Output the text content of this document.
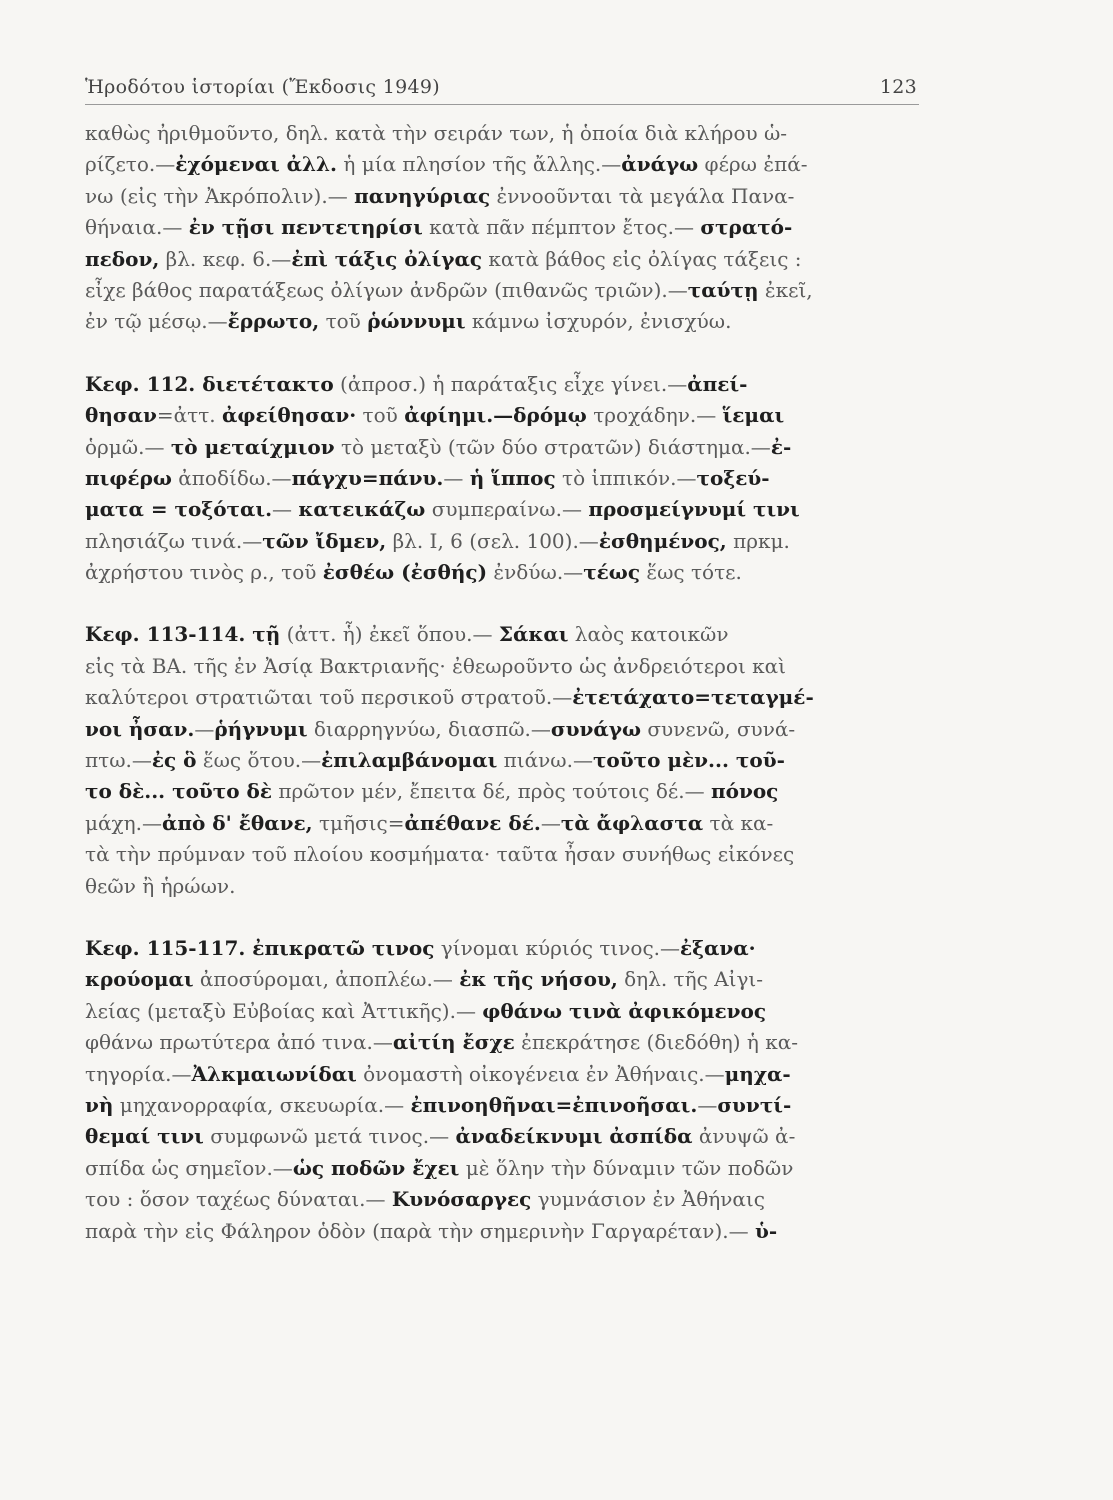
Ἡροδότου ἱστορίαι (Ἔκδοσις 1949)	123
καθὼς ἠριθμοῦντο, δηλ. κατὰ τὴν σειράν των, ἡ ὁποία διὰ κλήρου ὡ-
ρίζετο.—ἐχόμεναι ἀλλ. ἡ μία πλησίον τῆς ἄλλης.—ἀνάγω φέρω ἐπά-
νω (εἰς τὴν Ἀκρόπολιν).— πανηγύριας ἐννοοῦνται τὰ μεγάλα Πανα-
θήναια.— ἐν τῇσι πεντετηρίσι κατὰ πᾶν πέμπτον ἔτος.— στρατό-
πεδον, βλ. κεφ. 6.—ἐπὶ τάξις ὀλίγας κατὰ βάθος εἰς ὀλίγας τάξεις :
εἶχε βάθος παρατάξεως ὀλίγων ἀνδρῶν (πιθανῶς τριῶν).—ταύτῃ ἐκεῖ,
ἐν τῷ μέσῳ.—ἔρρωτο, τοῦ ῥώννυμι κάμνω ἰσχυρόν, ἐνισχύω.
Κεφ. 112. διετέτακτο (ἀπροσ.) ἡ παράταξις εἶχε γίνει.—ἀπεί-
θησαν=ἀττ. ἀφείθησαν· τοῦ ἀφίημι.—δρόμῳ τροχάδην.— ἵεμαι
ὁρμῶ.— τὸ μεταίχμιον τὸ μεταξὺ (τῶν δύο στρατῶν) διάστημα.—ἐ-
πιφέρω ἀποδίδω.—πάγχυ=πάνυ.— ἡ ἵππος τὸ ἱππικόν.—τοξεύ-
ματα = τοξόται.— κατεικάζω συμπεραίνω.— προσμείγνυμί τινι
πλησιάζω τινά.—τῶν ἴδμεν, βλ. I, 6 (σελ. 100).—ἐσθημένος, πρκμ.
ἀχρήστου τινὸς ρ., τοῦ ἐσθέω (ἐσθής) ἐνδύω.—τέως ἕως τότε.
Κεφ. 113-114. τῇ (ἀττ. ἧ) ἐκεῖ ὅπου.— Σάκαι λαὸς κατοικῶν
εἰς τὰ ΒΑ. τῆς ἐν Ἀσίᾳ Βακτριανῆς· ἐθεωροῦντο ὡς ἀνδρειότεροι καὶ
καλύτεροι στρατιῶται τοῦ περσικοῦ στρατοῦ.—ἐτετάχατο=τεταγμέ-
νοι ἦσαν.—ῥήγνυμι διαρρηγνύω, διασπῶ.—συνάγω συνενῶ, συνά-
πτω.—ἐς ὃ ἕως ὅτου.—ἐπιλαμβάνομαι πιάνω.—τοῦτο μὲν... τοῦ-
το δὲ... τοῦτο δὲ πρῶτον μέν, ἔπειτα δέ, πρὸς τούτοις δέ.— πόνος
μάχη.—ἀπὸ δ' ἔθανε, τμῆσις=ἀπέθανε δέ.—τὰ ἄφλαστα τὰ κα-
τὰ τὴν πρύμναν τοῦ πλοίου κοσμήματα· ταῦτα ἦσαν συνήθως εἰκόνες
θεῶν ἢ ἡρώων.
Κεφ. 115-117. ἐπικρατῶ τινος γίνομαι κύριός τινος.—ἐξανα·
κρούομαι ἀποσύρομαι, ἀποπλέω.— ἐκ τῆς νήσου, δηλ. τῆς Αἰγι-
λείας (μεταξὺ Εὐβοίας καὶ Ἀττικῆς).— φθάνω τινὰ ἀφικόμενος
φθάνω πρωτύτερα ἀπό τινα.—αἰτίη ἔσχε ἐπεκράτησε (διεδόθη) ἡ κα-
τηγορία.—Ἀλκμαιωνίδαι ὀνομαστὴ οἰκογένεια ἐν Ἀθήναις.—μηχα-
νὴ μηχανορραφία, σκευωρία.— ἐπινοηθῆναι=ἐπινοῆσαι.—συντί-
θεμαί τινι συμφωνῶ μετά τινος.— ἀναδείκνυμι ἀσπίδα ἀνυψῶ ἀ-
σπίδα ὡς σημεῖον.—ὡς ποδῶν ἔχει μὲ ὅλην τὴν δύναμιν τῶν ποδῶν
του : ὅσον ταχέως δύναται.— Κυνόσαργες γυμνάσιον ἐν Ἀθήναις
παρὰ τὴν εἰς Φάληρον ὁδὸν (παρὰ τὴν σημερινὴν Γαργαρέταν).— ὑ-
